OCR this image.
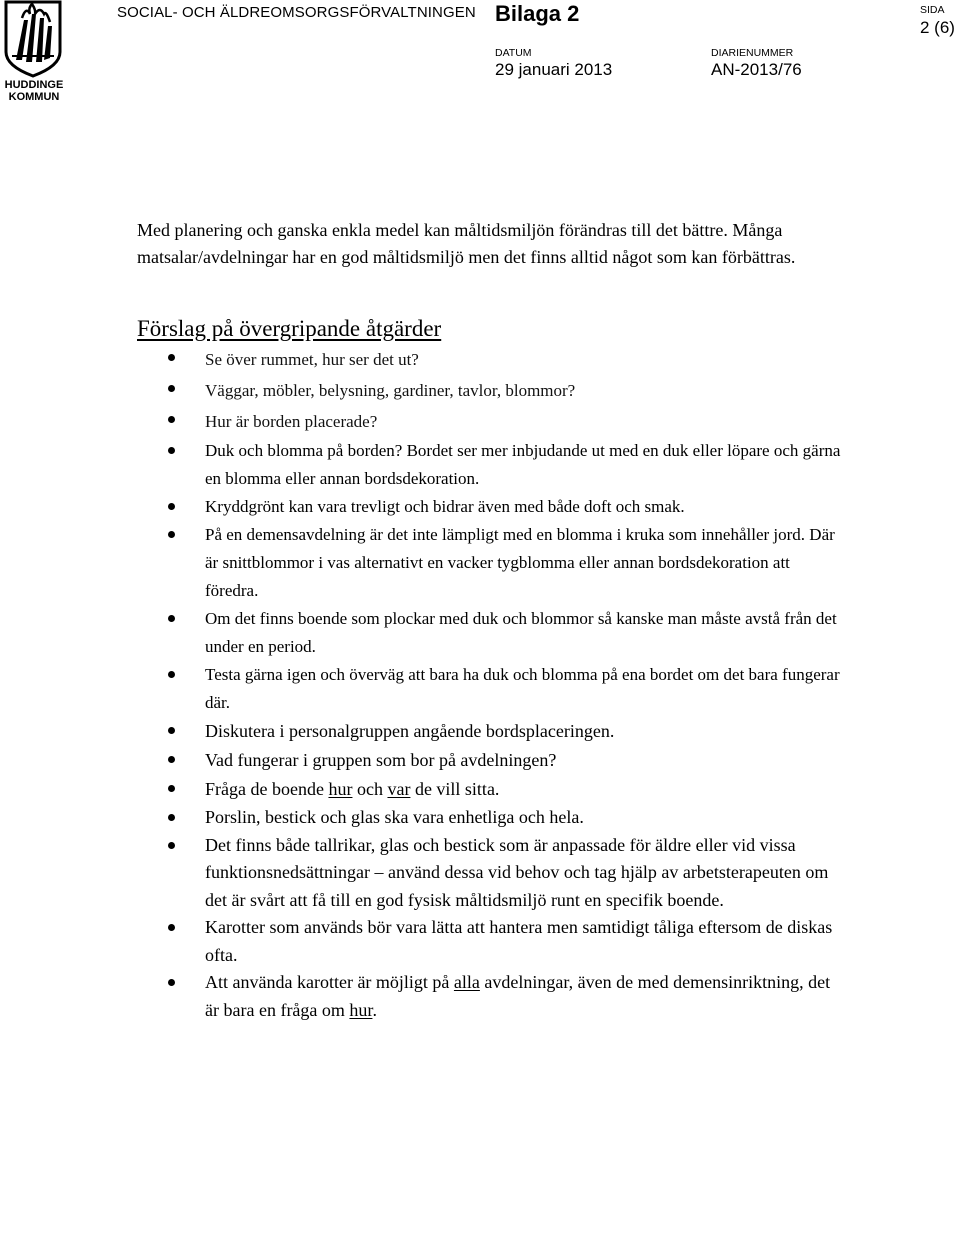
HUDDINGE KOMMUN
SOCIAL- OCH ÄLDREOMSORGSFÖRVALTNINGEN Bilaga 2
DATUM
29 januari 2013
DIARIENUMMER
AN-2013/76
SIDA
2 (6)

Med planering och ganska enkla medel kan måltidsmiljön förändras till det bättre. Många matsalar/avdelningar har en god måltidsmiljö men det finns alltid något som kan förbättras.

Förslag på övergripande åtgärder
Se över rummet, hur ser det ut?
Väggar, möbler, belysning, gardiner, tavlor, blommor?
Hur är borden placerade?
Duk och blomma på borden? Bordet ser mer inbjudande ut med en duk eller löpare och gärna en blomma eller annan bordsdekoration.
Kryddgrönt kan vara trevligt och bidrar även med både doft och smak.
På en demensavdelning är det inte lämpligt med en blomma i kruka som innehåller jord. Där är snittblommor i vas alternativt en vacker tygblomma eller annan bordsdekoration att föredra.
Om det finns boende som plockar med duk och blommor så kanske man måste avstå från det under en period.
Testa gärna igen och överväg att bara ha duk och blomma på ena bordet om det bara fungerar där.
Diskutera i personalgruppen angående bordsplaceringen.
Vad fungerar i gruppen som bor på avdelningen?
Fråga de boende hur och var de vill sitta.
Porslin, bestick och glas ska vara enhetliga och hela.
Det finns både tallrikar, glas och bestick som är anpassade för äldre eller vid vissa funktionsnedsättningar – använd dessa vid behov och tag hjälp av arbetsterapeuten om det är svårt att få till en god fysisk måltidsmiljö runt en specifik boende.
Karotter som används bör vara lätta att hantera men samtidigt tåliga eftersom de diskas ofta.
Att använda karotter är möjligt på alla avdelningar, även de med demensinriktning, det är bara en fråga om hur.
